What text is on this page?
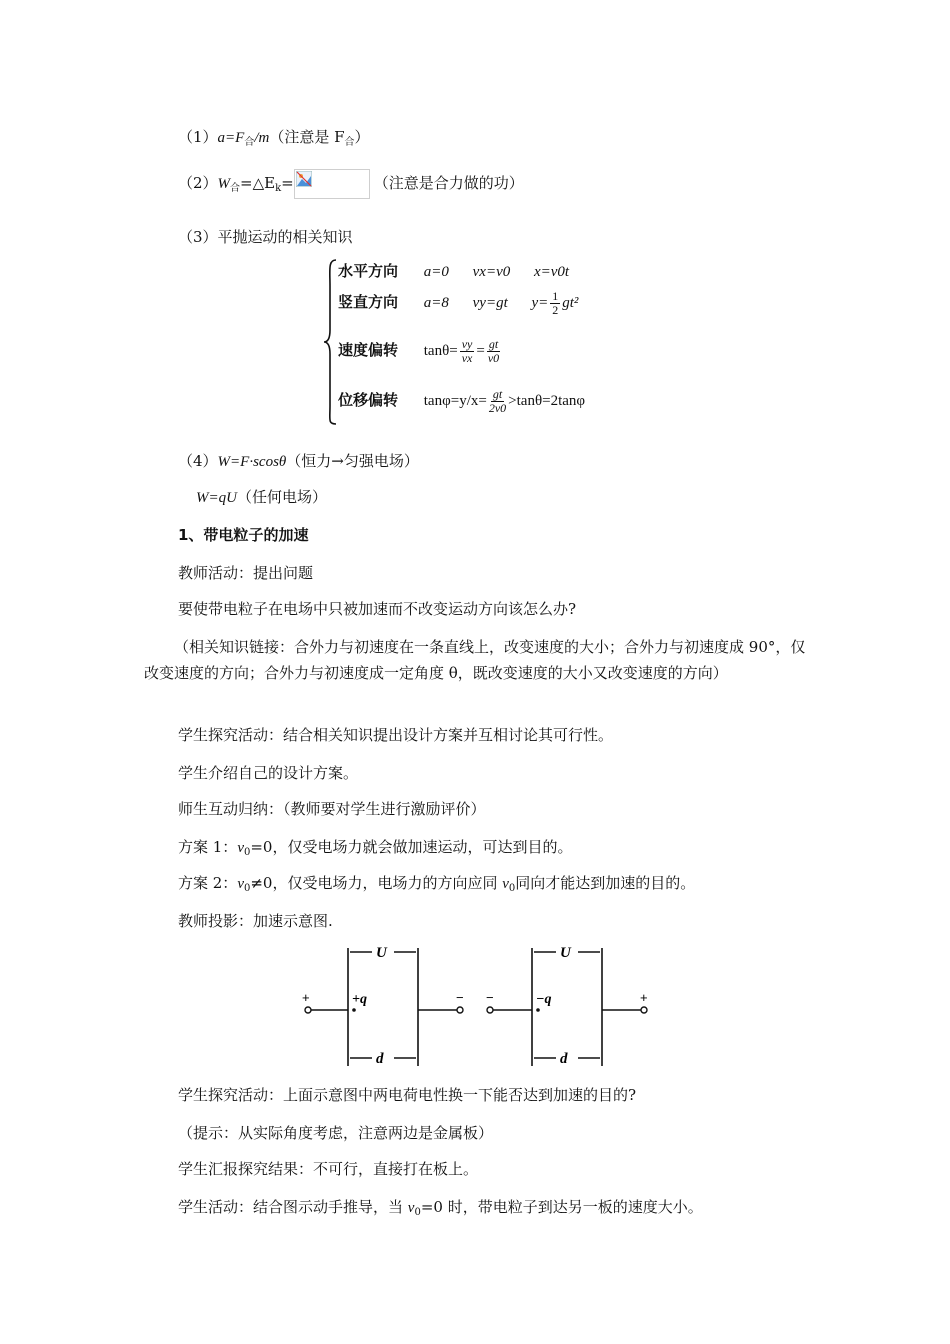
$(1)a=F_合/m$（注意是 $F_合$）
$(2)W_合=\triangle E_k=$	（注意是合力做的功）
（3）平抛运动的相关知识
水平方向 a=0 vx=v0 x=v0t
竖直方向 a=8 vy=gt $y= \frac{1}{2} gt^2$
速度偏转 $\tan\theta= \frac{vy}{vx} = \frac{gt}{v0}$
位移偏转 $\tan\varphi=y/x= \frac{gt}{2v0} >\tan\theta=2\tan\varphi$
（4）W=F·scosθ（恒力→匀强电场）
W=qU（任何电场）
1、带电粒子的加速
教师活动：提出问题
要使带电粒子在电场中只被加速而不改变运动方向该怎么办?
（相关知识链接：合外力与初速度在一条直线上，改变速度的大小；合外力与初速度成 90°，仅改变速度的方向；合外力与初速度成一定角度 θ，既改变速度的大小又改变速度的方向）
学生探究活动：结合相关知识提出设计方案并互相讨论其可行性。
学生介绍自己的设计方案。
师生互动归纳：（教师要对学生进行激励评价）
方案 1：$v_0=0$，仅受电场力就会做加速运动，可达到目的。
方案 2：$v_0\ne 0$，仅受电场力，电场力的方向应同 $v_0$同向才能达到加速的目的。
教师投影：加速示意图.
U
d
+q
+	−
U
d
−q
−	+
学生探究活动：上面示意图中两电荷电性换一下能否达到加速的目的?
（提示：从实际角度考虑，注意两边是金属板）
学生汇报探究结果：不可行，直接打在板上。
学生活动：结合图示动手推导，当 $v_0=0$ 时，带电粒子到达另一板的速度大小。
